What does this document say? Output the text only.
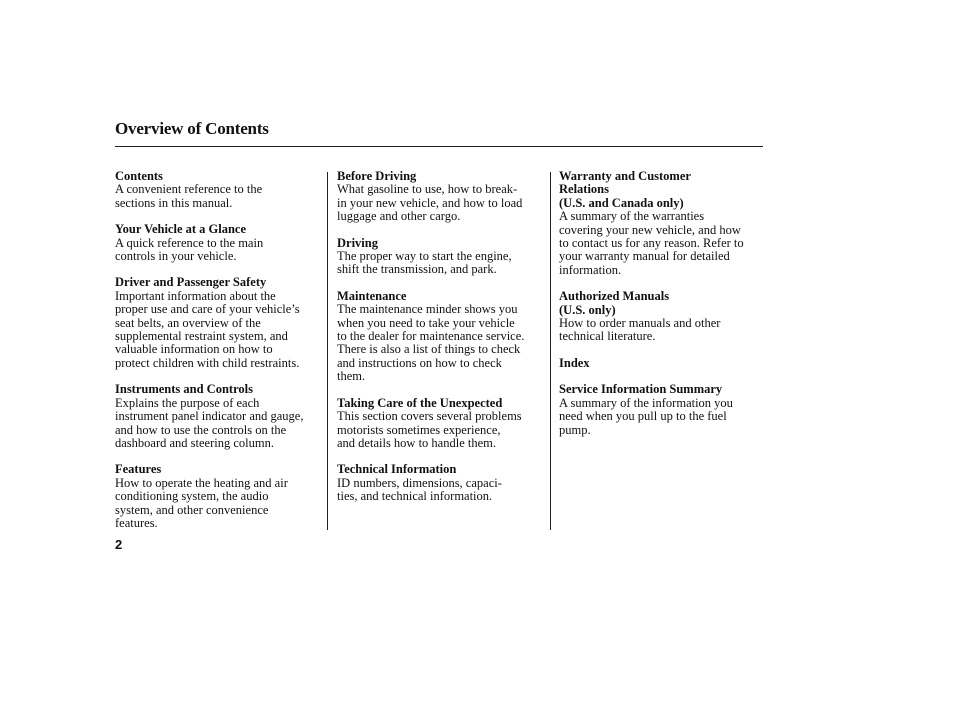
Overview of Contents
Contents
A convenient reference to the
sections in this manual.
Your Vehicle at a Glance
A quick reference to the main
controls in your vehicle.
Driver and Passenger Safety
Important information about the
proper use and care of your vehicle’s
seat belts, an overview of the
supplemental restraint system, and
valuable information on how to
protect children with child restraints.
Instruments and Controls
Explains the purpose of each
instrument panel indicator and gauge,
and how to use the controls on the
dashboard and steering column.
Features
How to operate the heating and air
conditioning system, the audio
system, and other convenience
features.
Before Driving
What gasoline to use, how to break-
in your new vehicle, and how to load
luggage and other cargo.
Driving
The proper way to start the engine,
shift the transmission, and park.
Maintenance
The maintenance minder shows you
when you need to take your vehicle
to the dealer for maintenance service.
There is also a list of things to check
and instructions on how to check
them.
Taking Care of the Unexpected
This section covers several problems
motorists sometimes experience,
and details how to handle them.
Technical Information
ID numbers, dimensions, capaci-
ties, and technical information.
Warranty and Customer
Relations
(U.S. and Canada only)
A summary of the warranties
covering your new vehicle, and how
to contact us for any reason. Refer to
your warranty manual for detailed
information.
Authorized Manuals
(U.S. only)
How to order manuals and other
technical literature.
Index
Service Information Summary
A summary of the information you
need when you pull up to the fuel
pump.
2
